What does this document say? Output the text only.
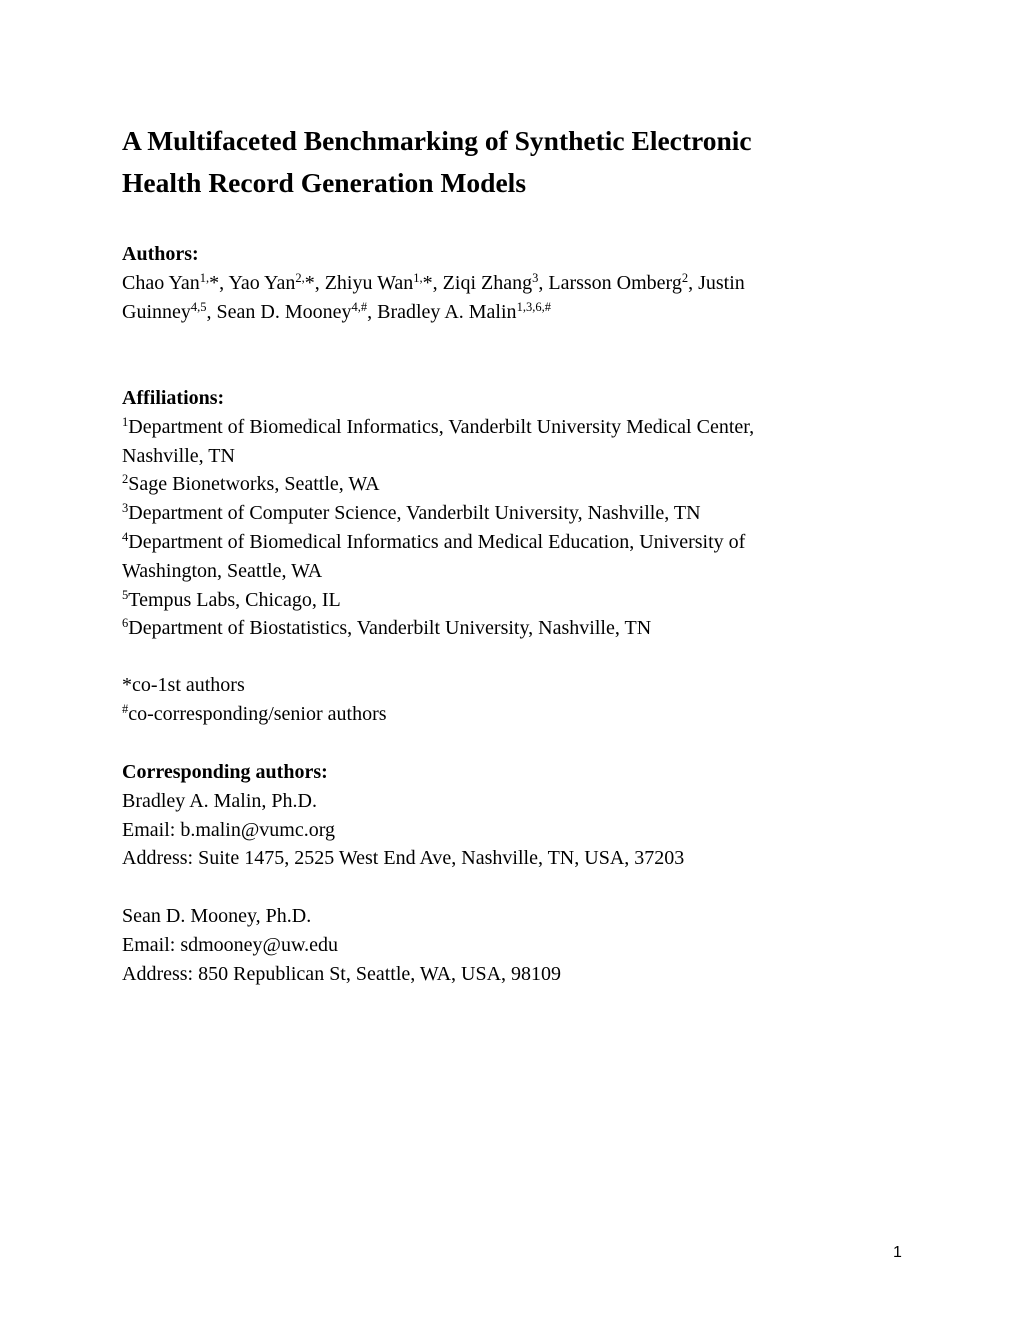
A Multifaceted Benchmarking of Synthetic Electronic
Health Record Generation Models
Authors:
Chao Yan$^{1,}$*, Yao Yan$^{2,}$*, Zhiyu Wan$^{1,}$*, Ziqi Zhang$^3$, Larsson Omberg$^2$, Justin
Guinney$^{4,5}$, Sean D. Mooney$^{4,\#}$, Bradley A. Malin$^{1,3,6,\#}$
Affiliations:
$^1$Department of Biomedical Informatics, Vanderbilt University Medical Center,
Nashville, TN
$^2$Sage Bionetworks, Seattle, WA
$^3$Department of Computer Science, Vanderbilt University, Nashville, TN
$^4$Department of Biomedical Informatics and Medical Education, University of
Washington, Seattle, WA
$^5$Tempus Labs, Chicago, IL
$^6$Department of Biostatistics, Vanderbilt University, Nashville, TN
*co-1st authors
#co-corresponding/senior authors
Corresponding authors:
Bradley A. Malin, Ph.D.
Email: b.malin@vumc.org
Address: Suite 1475, 2525 West End Ave, Nashville, TN, USA, 37203
Sean D. Mooney, Ph.D.
Email: sdmooney@uw.edu
Address: 850 Republican St, Seattle, WA, USA, 98109
1
